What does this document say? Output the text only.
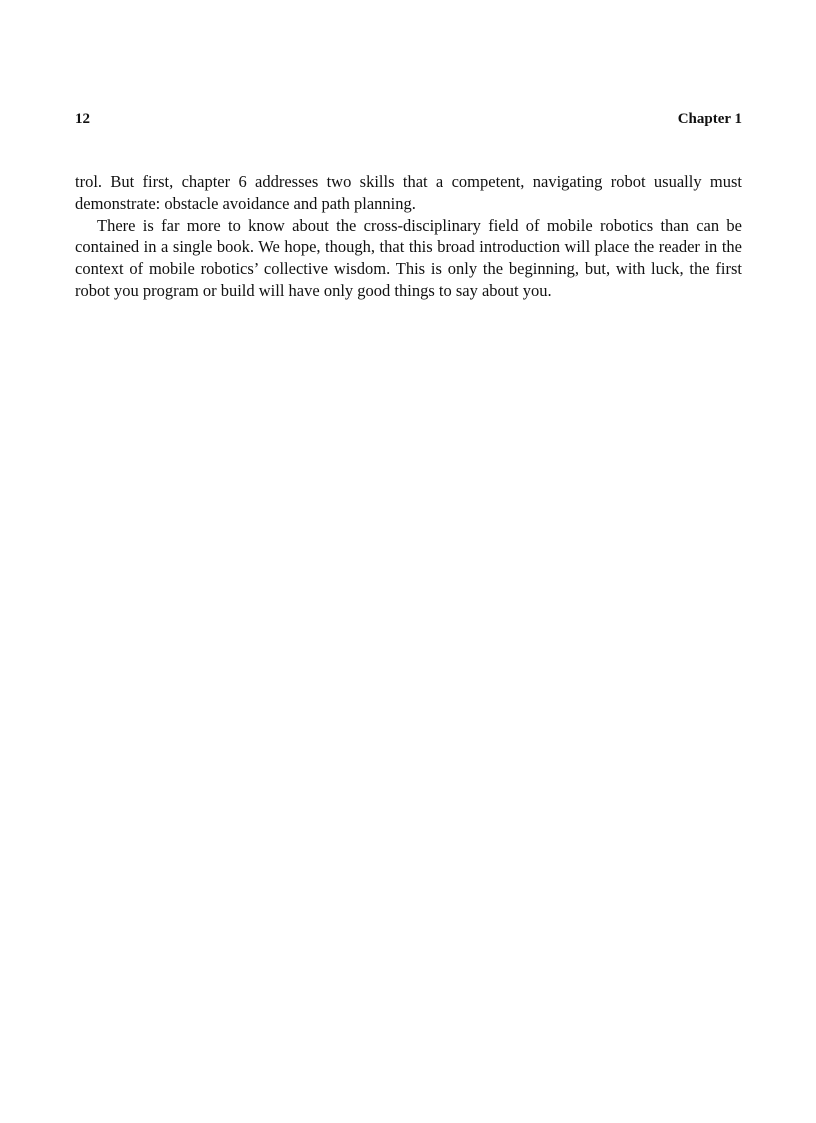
12	Chapter 1

trol. But first, chapter 6 addresses two skills that a competent, navigating robot usually must demonstrate: obstacle avoidance and path planning.

There is far more to know about the cross-disciplinary field of mobile robotics than can be contained in a single book. We hope, though, that this broad introduction will place the reader in the context of mobile robotics’ collective wisdom. This is only the beginning, but, with luck, the first robot you program or build will have only good things to say about you.
